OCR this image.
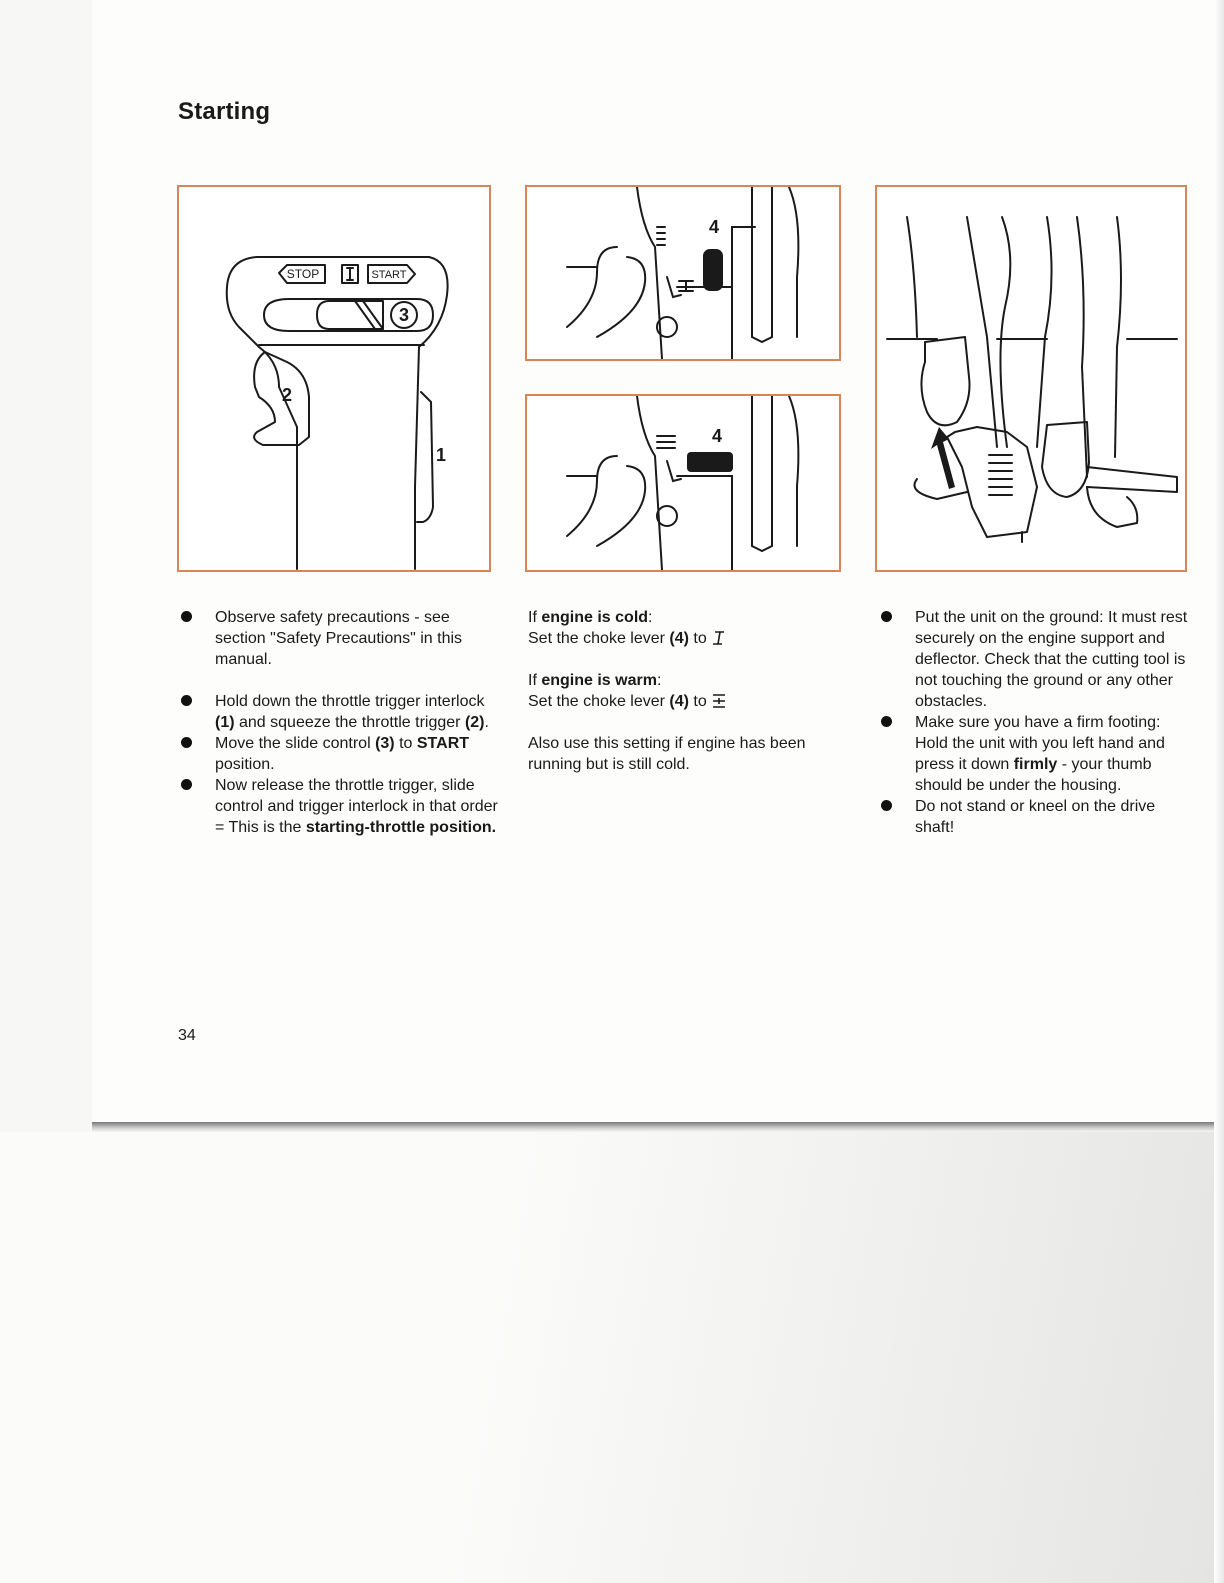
Starting
STOP	START
3
2
1
4
4
Observe safety precautions - see section "Safety Precautions" in this manual.
Hold down the throttle trigger interlock (1) and squeeze the throttle trigger (2).
Move the slide control (3) to START position.
Now release the throttle trigger, slide control and trigger interlock in that order = This is the starting-throttle position.

If engine is cold:
Set the choke lever (4) to

If engine is warm:
Set the choke lever (4) to

Also use this setting if engine has been running but is still cold.

Put the unit on the ground: It must rest securely on the engine support and deflector. Check that the cutting tool is not touching the ground or any other obstacles.
Make sure you have a firm footing: Hold the unit with you left hand and press it down firmly - your thumb should be under the housing.
Do not stand or kneel on the drive shaft!
34
